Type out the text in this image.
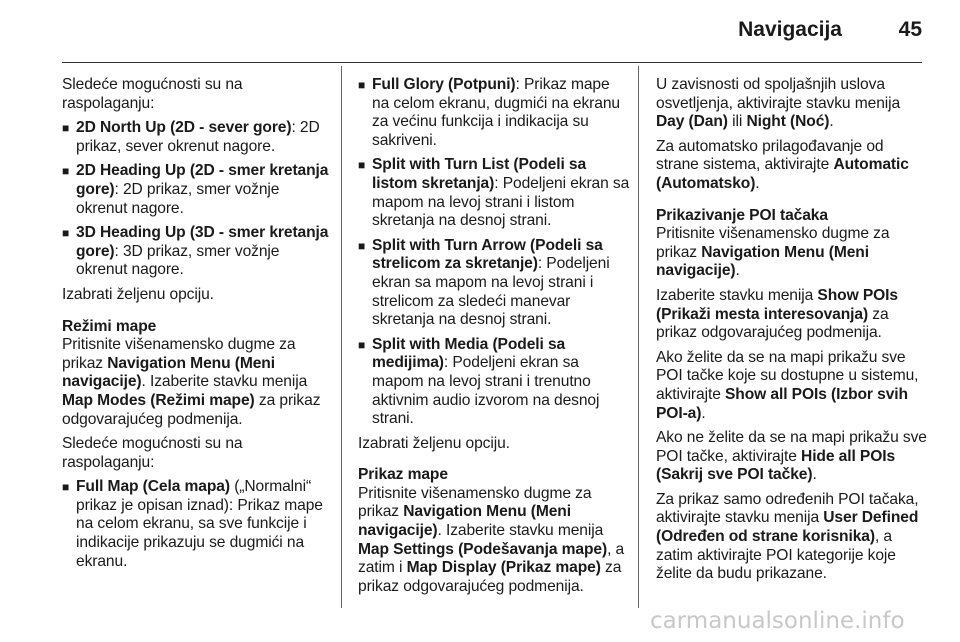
Navigacija	45

Sledeće mogućnosti su na raspolaganju:

■ 2D North Up (2D - sever gore): 2D prikaz, sever okrenut nagore.
■ 2D Heading Up (2D - smer kretanja gore): 2D prikaz, smer vožnje okrenut nagore.
■ 3D Heading Up (3D - smer kretanja gore): 3D prikaz, smer vožnje okrenut nagore.

Izabrati željenu opciju.

Režimi mape

Pritisnite višenamensko dugme za prikaz Navigation Menu (Meni navigacije). Izaberite stavku menija Map Modes (Režimi mape) za prikaz odgovarajućeg podmenija.

Sledeće mogućnosti su na raspolaganju:

■ Full Map (Cela mapa) („Normalni“ prikaz je opisan iznad): Prikaz mape na celom ekranu, sa sve funkcije i indikacije prikazuju se dugmići na ekranu.
■ Full Glory (Potpuni): Prikaz mape na celom ekranu, dugmići na ekranu za većinu funkcija i indikacija su sakriveni.
■ Split with Turn List (Podeli sa listom skretanja): Podeljeni ekran sa mapom na levoj strani i listom skretanja na desnoj strani.
■ Split with Turn Arrow (Podeli sa strelicom za skretanje): Podeljeni ekran sa mapom na levoj strani i strelicom za sledeći manevar skretanja na desnoj strani.
■ Split with Media (Podeli sa medijima): Podeljeni ekran sa mapom na levoj strani i trenutno aktivnim audio izvorom na desnoj strani.

Izabrati željenu opciju.

Prikaz mape

Pritisnite višenamensko dugme za prikaz Navigation Menu (Meni navigacije). Izaberite stavku menija Map Settings (Podešavanja mape), a zatim i Map Display (Prikaz mape) za prikaz odgovarajućeg podmenija.

U zavisnosti od spoljašnjih uslova osvetljenja, aktivirajte stavku menija Day (Dan) ili Night (Noć).

Za automatsko prilagođavanje od strane sistema, aktivirajte Automatic (Automatsko).

Prikazivanje POI tačaka

Pritisnite višenamensko dugme za prikaz Navigation Menu (Meni navigacije).

Izaberite stavku menija Show POIs (Prikaži mesta interesovanja) za prikaz odgovarajućeg podmenija.

Ako želite da se na mapi prikažu sve POI tačke koje su dostupne u sistemu, aktivirajte Show all POIs (Izbor svih POI-a).

Ako ne želite da se na mapi prikažu sve POI tačke, aktivirajte Hide all POIs (Sakrij sve POI tačke).

Za prikaz samo određenih POI tačaka, aktivirajte stavku menija User Defined (Određen od strane korisnika), a zatim aktivirajte POI kategorije koje želite da budu prikazane.

carmanualsonline.info
